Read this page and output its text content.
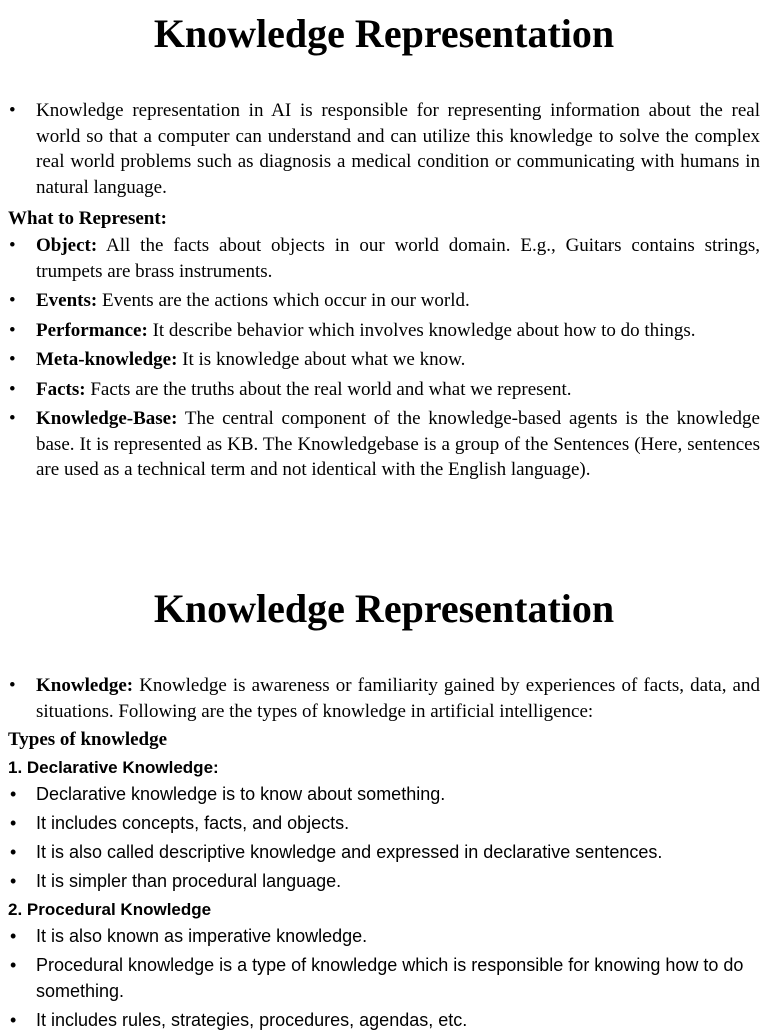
Knowledge Representation
• Knowledge representation in AI is responsible for representing information about the real world so that a computer can understand and can utilize this knowledge to solve the complex real world problems such as diagnosis a medical condition or communicating with humans in natural language.
What to Represent:
• Object: All the facts about objects in our world domain. E.g., Guitars contains strings, trumpets are brass instruments.
• Events: Events are the actions which occur in our world.
• Performance: It describe behavior which involves knowledge about how to do things.
• Meta-knowledge: It is knowledge about what we know.
• Facts: Facts are the truths about the real world and what we represent.
• Knowledge-Base: The central component of the knowledge-based agents is the knowledge base. It is represented as KB. The Knowledgebase is a group of the Sentences (Here, sentences are used as a technical term and not identical with the English language).
Knowledge Representation
• Knowledge: Knowledge is awareness or familiarity gained by experiences of facts, data, and situations. Following are the types of knowledge in artificial intelligence:
Types of knowledge
1. Declarative Knowledge:
• Declarative knowledge is to know about something.
• It includes concepts, facts, and objects.
• It is also called descriptive knowledge and expressed in declarative sentences.
• It is simpler than procedural language.
2. Procedural Knowledge
• It is also known as imperative knowledge.
• Procedural knowledge is a type of knowledge which is responsible for knowing how to do something.
• It includes rules, strategies, procedures, agendas, etc.
